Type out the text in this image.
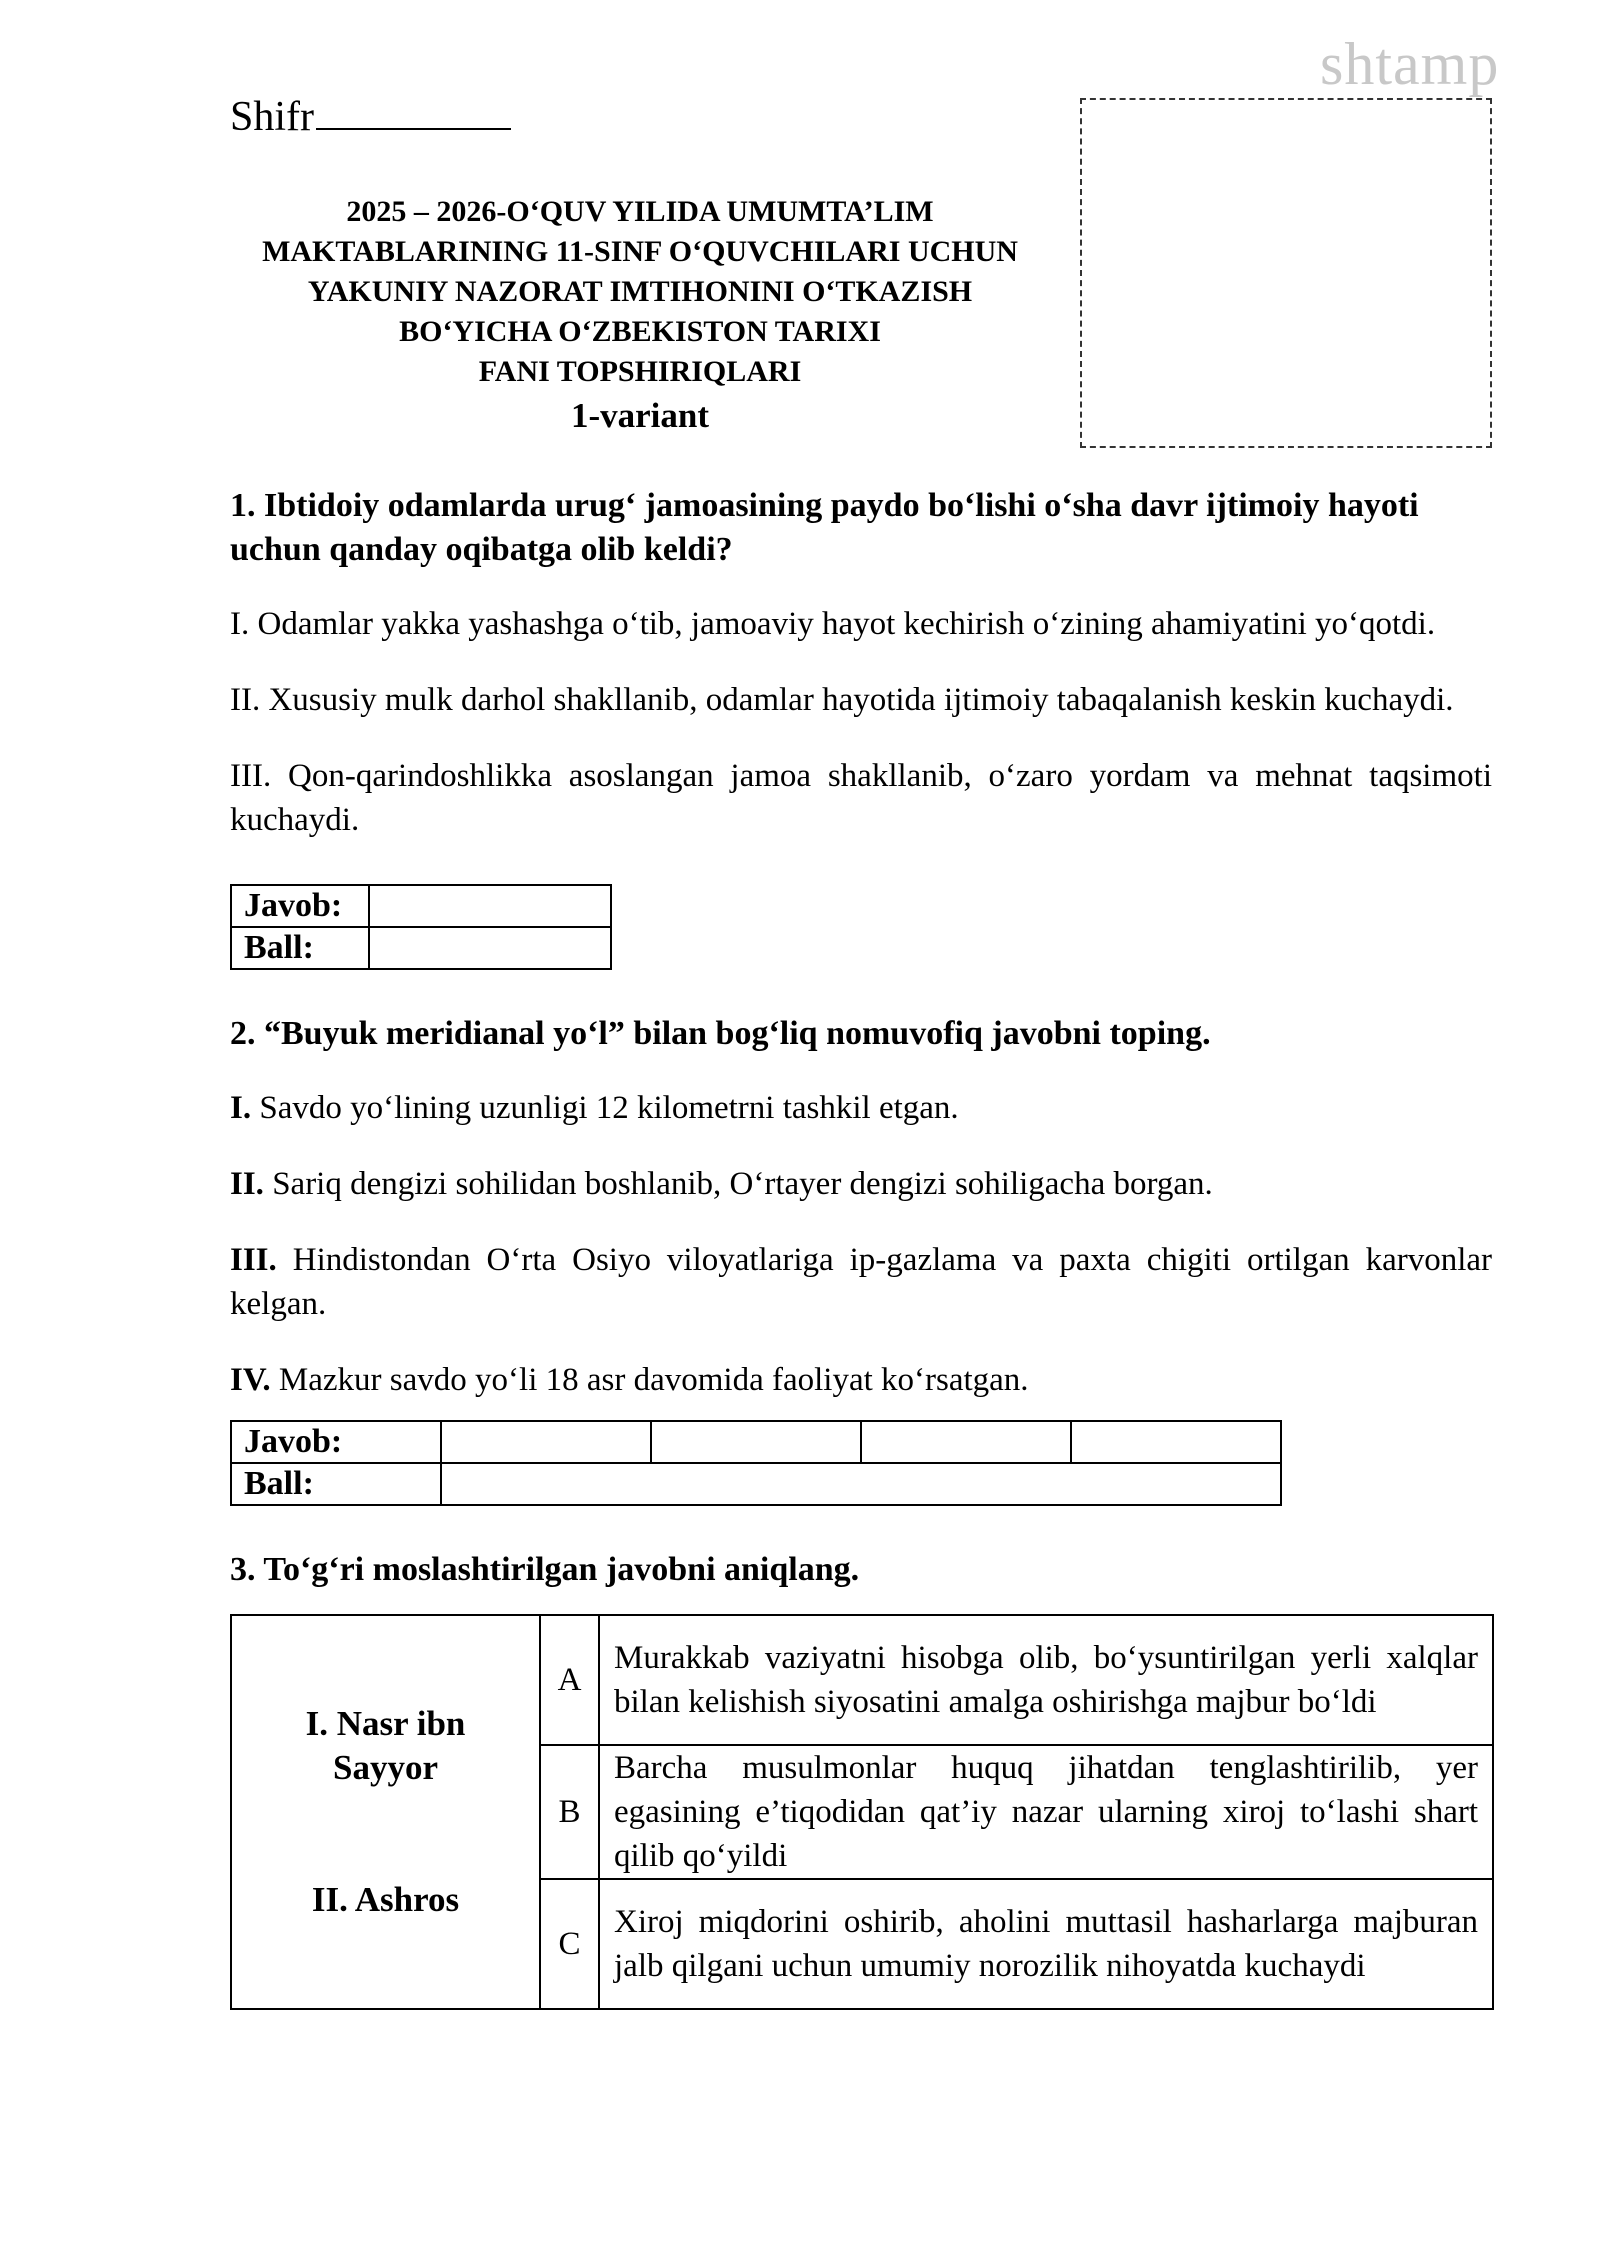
shtamp
Shifr
2025 – 2026-O‘QUV YILIDA UMUMTA’LIM
MAKTABLARINING 11-SINF O‘QUVCHILARI UCHUN
YAKUNIY NAZORAT IMTIHONINI O‘TKAZISH
BO‘YICHA O‘ZBEKISTON TARIXI
FANI TOPSHIRIQLARI
1-variant

1. Ibtidoiy odamlarda urug‘ jamoasining paydo bo‘lishi o‘sha davr ijtimoiy hayoti uchun qanday oqibatga olib keldi?

I. Odamlar yakka yashashga o‘tib, jamoaviy hayot kechirish o‘zining ahamiyatini yo‘qotdi.

II. Xususiy mulk darhol shakllanib, odamlar hayotida ijtimoiy tabaqalanish keskin kuchaydi.

III. Qon-qarindoshlikka asoslangan jamoa shakllanib, o‘zaro yordam va mehnat taqsimoti kuchaydi.

Javob:	
Ball:	

2. “Buyuk meridianal yo‘l” bilan bog‘liq nomuvofiq javobni toping.

I. Savdo yo‘lining uzunligi 12 kilometrni tashkil etgan.

II. Sariq dengizi sohilidan boshlanib, O‘rtayer dengizi sohiligacha borgan.

III. Hindistondan O‘rta Osiyo viloyatlariga ip-gazlama va paxta chigiti ortilgan karvonlar kelgan.

IV. Mazkur savdo yo‘li 18 asr davomida faoliyat ko‘rsatgan.

Javob:				
Ball:				

3. To‘g‘ri moslashtirilgan javobni aniqlang.

I. Nasr ibn Sayyor
II. Ashros	A	Murakkab vaziyatni hisobga olib, bo‘ysuntirilgan yerli xalqlar bilan kelishish siyosatini amalga oshirishga majbur bo‘ldi
	B	Barcha musulmonlar huquq jihatdan tenglashtirilib, yer egasining e’tiqodidan qat’iy nazar ularning xiroj to‘lashi shart qilib qo‘yildi
	C	Xiroj miqdorini oshirib, aholini muttasil hasharlarga majburan jalb qilgani uchun umumiy norozilik nihoyatda kuchaydi
